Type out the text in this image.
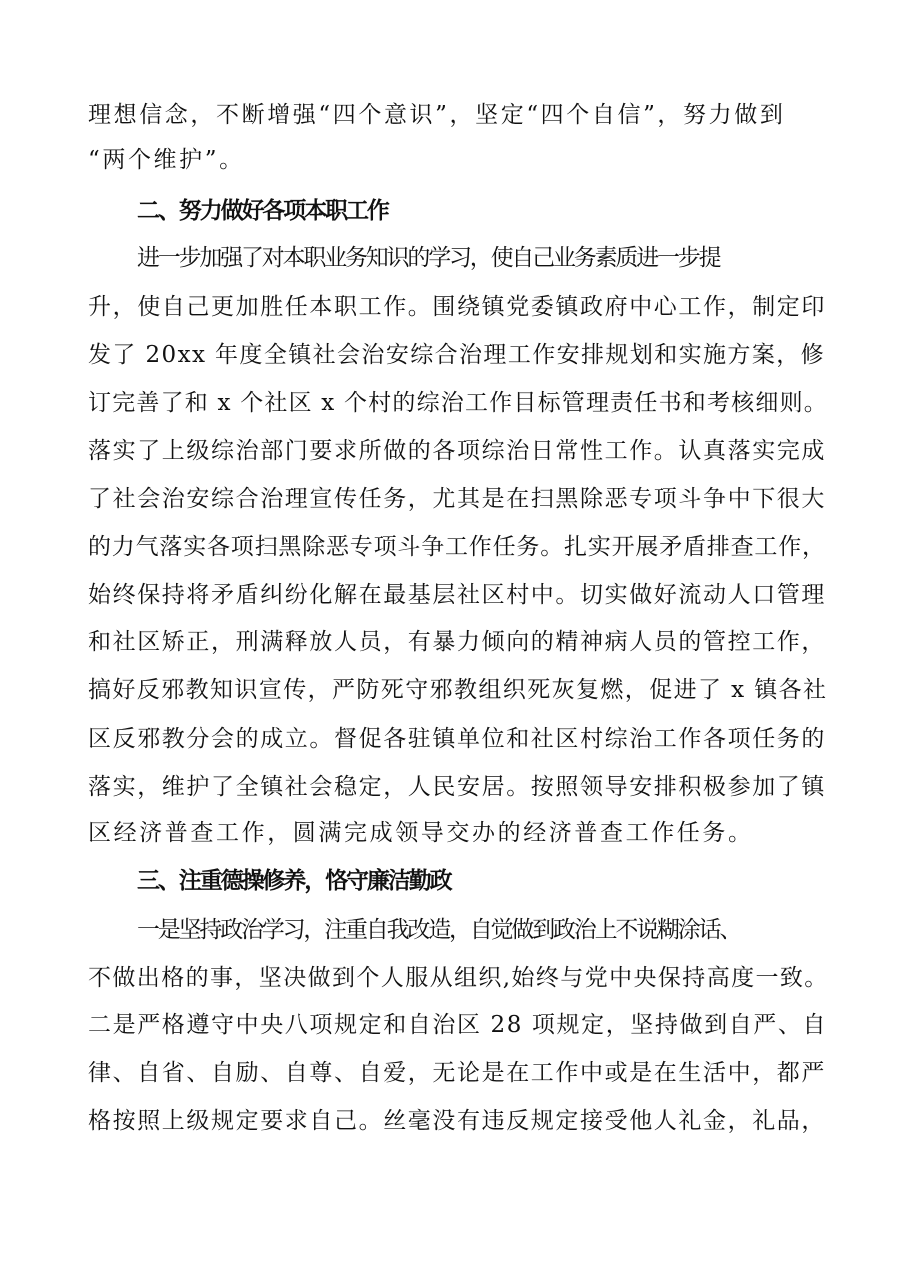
理想信念，不断增强“四个意识”，坚定“四个自信”，努力做到
“两个维护”。
二、努力做好各项本职工作
进一步加强了对本职业务知识的学习，使自己业务素质进一步提
升，使自己更加胜任本职工作。围绕镇党委镇政府中心工作，制定印
发了 20xx 年度全镇社会治安综合治理工作安排规划和实施方案，修
订完善了和 x 个社区 x 个村的综治工作目标管理责任书和考核细则。
落实了上级综治部门要求所做的各项综治日常性工作。认真落实完成
了社会治安综合治理宣传任务，尤其是在扫黑除恶专项斗争中下很大
的力气落实各项扫黑除恶专项斗争工作任务。扎实开展矛盾排查工作，
始终保持将矛盾纠纷化解在最基层社区村中。切实做好流动人口管理
和社区矫正，刑满释放人员，有暴力倾向的精神病人员的管控工作，
搞好反邪教知识宣传，严防死守邪教组织死灰复燃，促进了 x 镇各社
区反邪教分会的成立。督促各驻镇单位和社区村综治工作各项任务的
落实，维护了全镇社会稳定，人民安居。按照领导安排积极参加了镇
区经济普查工作，圆满完成领导交办的经济普查工作任务。
三、注重德操修养，恪守廉洁勤政
一是坚持政治学习，注重自我改造，自觉做到政治上不说糊涂话、
不做出格的事，坚决做到个人服从组织,始终与党中央保持高度一致。
二是严格遵守中央八项规定和自治区 28 项规定，坚持做到自严、自
律、自省、自励、自尊、自爱，无论是在工作中或是在生活中，都严
格按照上级规定要求自己。丝毫没有违反规定接受他人礼金，礼品，
